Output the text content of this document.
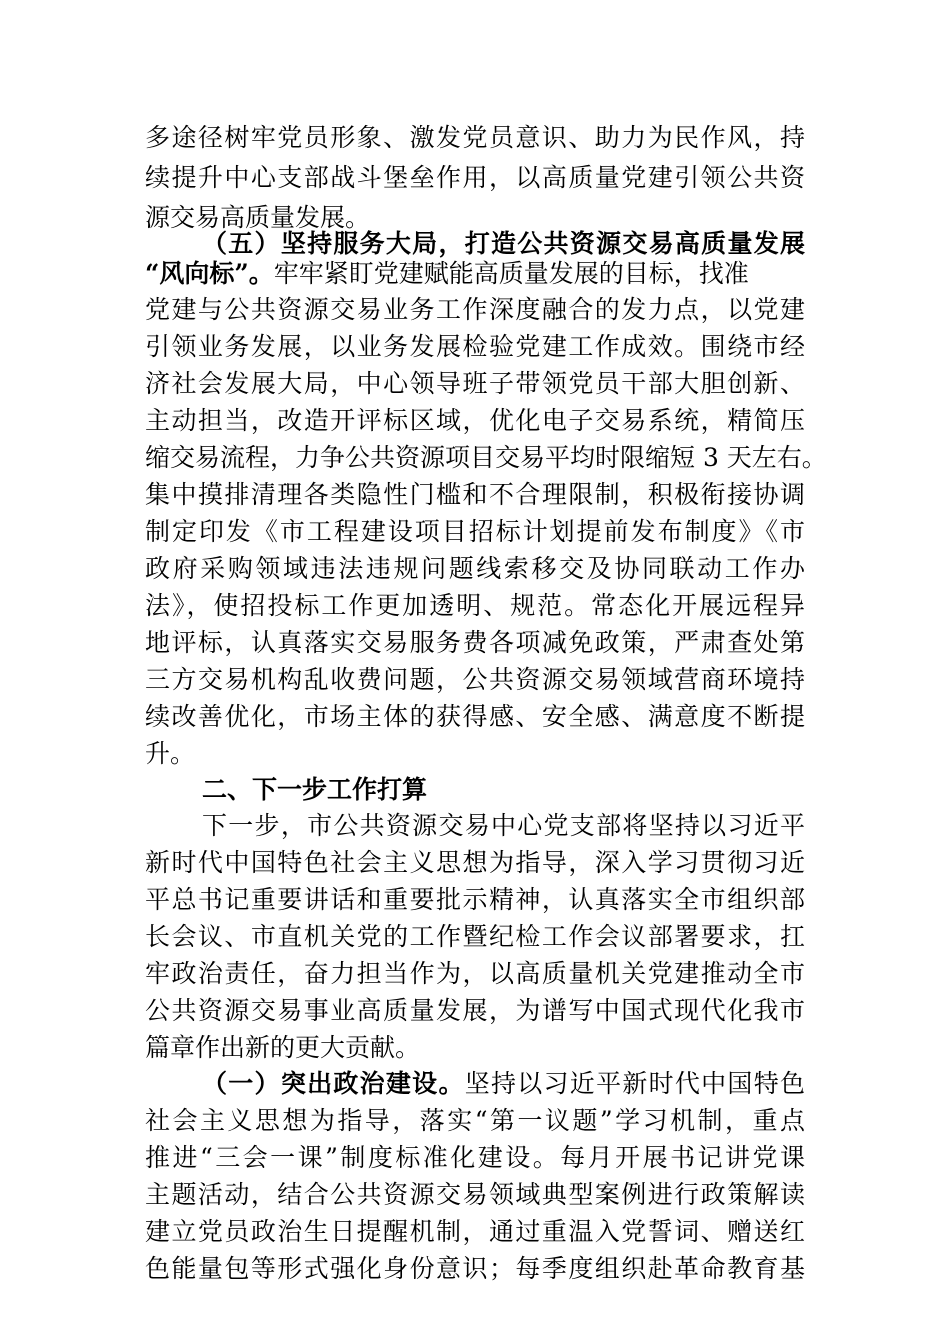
多途径树牢党员形象、激发党员意识、助力为民作风，持
续提升中心支部战斗堡垒作用，以高质量党建引领公共资
源交易高质量发展。
（五）坚持服务大局，打造公共资源交易高质量发展
“风向标”。牢牢紧盯党建赋能高质量发展的目标，找准
党建与公共资源交易业务工作深度融合的发力点，以党建
引领业务发展，以业务发展检验党建工作成效。围绕市经
济社会发展大局，中心领导班子带领党员干部大胆创新、
主动担当，改造开评标区域，优化电子交易系统，精简压
缩交易流程，力争公共资源项目交易平均时限缩短 3 天左右。
集中摸排清理各类隐性门槛和不合理限制，积极衔接协调
制定印发《市工程建设项目招标计划提前发布制度》《市
政府采购领域违法违规问题线索移交及协同联动工作办
法》，使招投标工作更加透明、规范。常态化开展远程异
地评标，认真落实交易服务费各项减免政策，严肃查处第
三方交易机构乱收费问题，公共资源交易领域营商环境持
续改善优化，市场主体的获得感、安全感、满意度不断提
升。
二、下一步工作打算
下一步，市公共资源交易中心党支部将坚持以习近平
新时代中国特色社会主义思想为指导，深入学习贯彻习近
平总书记重要讲话和重要批示精神，认真落实全市组织部
长会议、市直机关党的工作暨纪检工作会议部署要求，扛
牢政治责任，奋力担当作为，以高质量机关党建推动全市
公共资源交易事业高质量发展，为谱写中国式现代化我市
篇章作出新的更大贡献。
（一）突出政治建设。坚持以习近平新时代中国特色
社会主义思想为指导，落实“第一议题”学习机制，重点
推进“三会一课”制度标准化建设。每月开展书记讲党课
主题活动，结合公共资源交易领域典型案例进行政策解读
建立党员政治生日提醒机制，通过重温入党誓词、赠送红
色能量包等形式强化身份意识；每季度组织赴革命教育基
